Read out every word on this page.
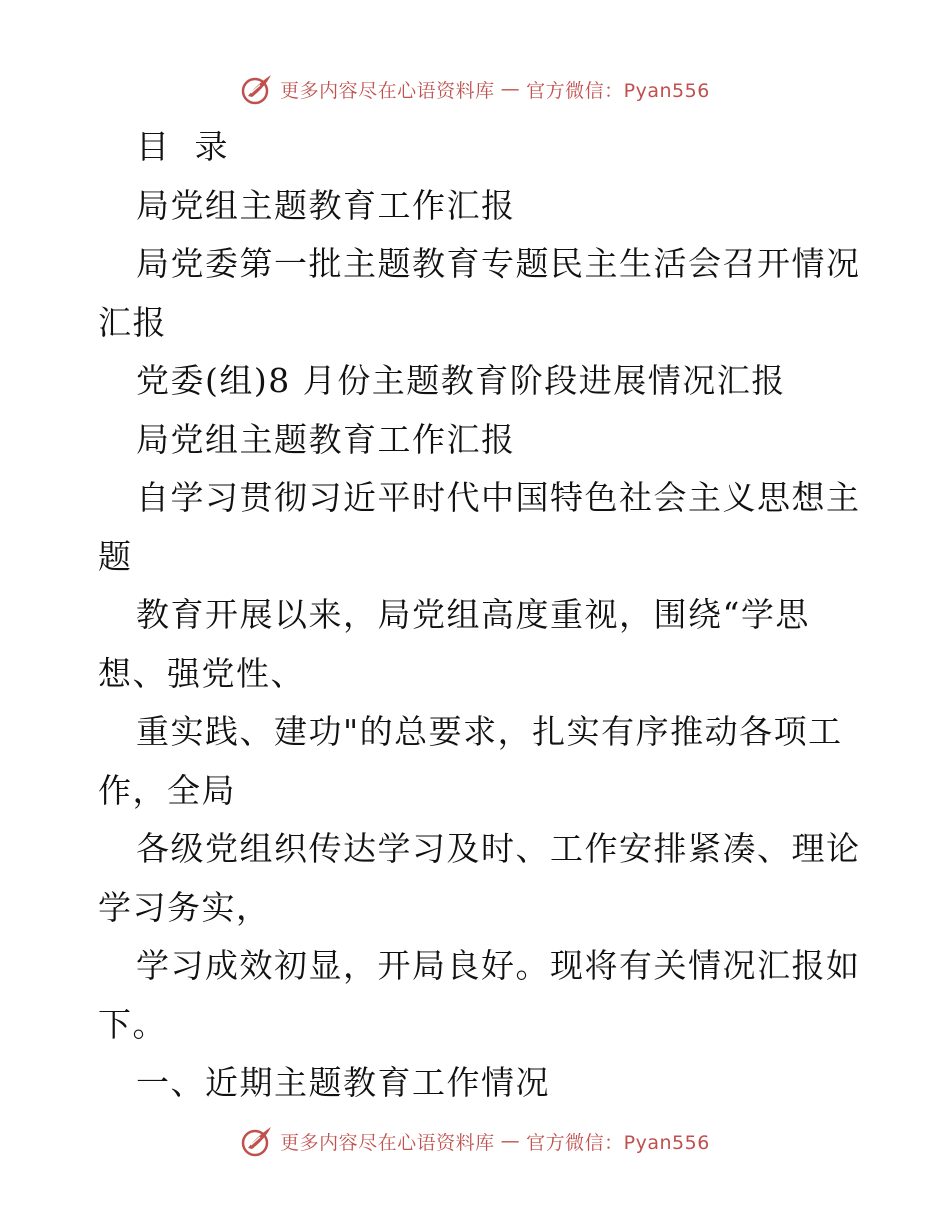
更多内容尽在心语资料库 — 官方微信：Pyan556
目  录
局党组主题教育工作汇报
局党委第一批主题教育专题民主生活会召开情况
汇报
党委(组)8 月份主题教育阶段进展情况汇报
局党组主题教育工作汇报
自学习贯彻习近平时代中国特色社会主义思想主
题
教育开展以来，局党组高度重视，围绕“学思
想、强党性、
重实践、建功"的总要求，扎实有序推动各项工
作，全局
各级党组织传达学习及时、工作安排紧凑、理论
学习务实，
学习成效初显，开局良好。现将有关情况汇报如
下。
一、近期主题教育工作情况
更多内容尽在心语资料库 — 官方微信：Pyan556
